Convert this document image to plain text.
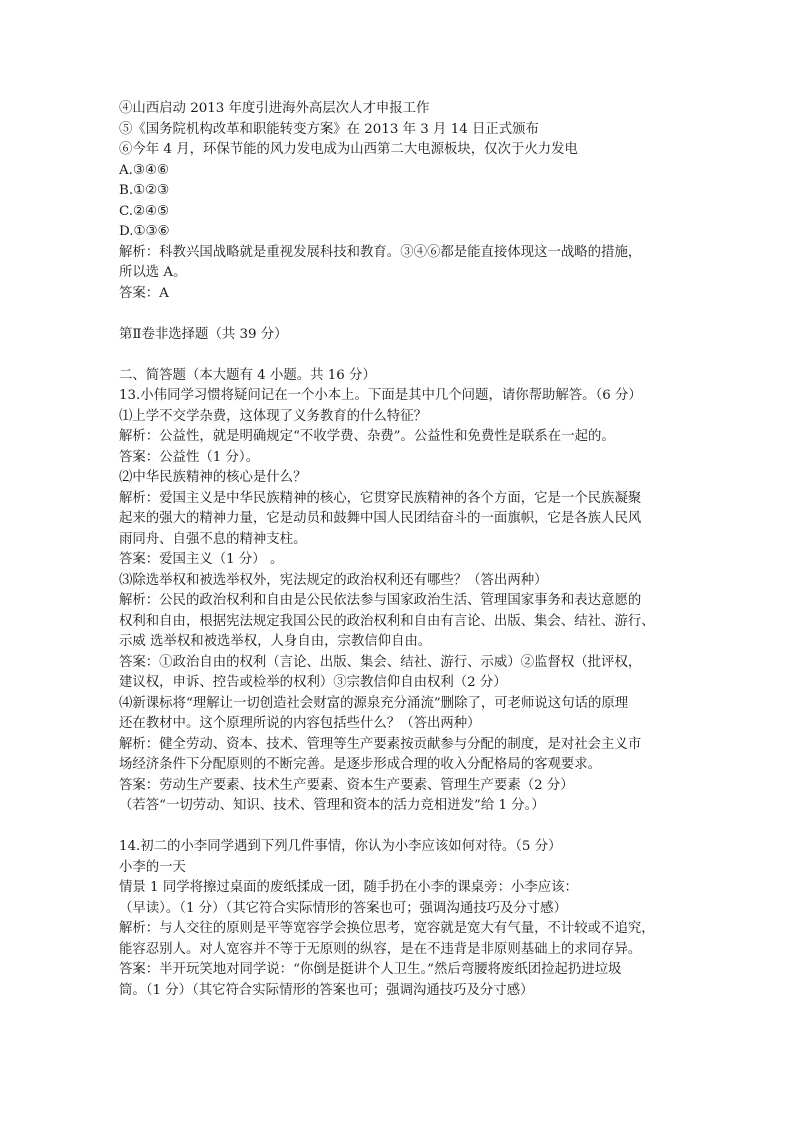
④山西启动 2013 年度引进海外高层次人才申报工作
⑤《国务院机构改革和职能转变方案》在 2013 年 3 月 14 日正式颁布
⑥今年 4 月，环保节能的风力发电成为山西第二大电源板块，仅次于火力发电
A.③④⑥
B.①②③
C.②④⑤
D.①③⑥
解析：科教兴国战略就是重视发展科技和教育。③④⑥都是能直接体现这一战略的措施，
所以选 A。
答案：A
第Ⅱ卷非选择题（共 39 分）
二、简答题（本大题有 4 小题。共 16 分）
13.小伟同学习惯将疑问记在一个小本上。下面是其中几个问题，请你帮助解答。（6 分）
⑴上学不交学杂费，这体现了义务教育的什么特征？
解析：公益性，就是明确规定“不收学费、杂费”。公益性和免费性是联系在一起的。
答案：公益性（1 分）。
⑵中华民族精神的核心是什么？
解析：爱国主义是中华民族精神的核心，它贯穿民族精神的各个方面，它是一个民族凝聚
起来的强大的精神力量，它是动员和鼓舞中国人民团结奋斗的一面旗帜，它是各族人民风
雨同舟、自强不息的精神支柱。
答案：爱国主义（1 分） 。
⑶除选举权和被选举权外，宪法规定的政治权利还有哪些？（答出两种）
解析：公民的政治权利和自由是公民依法参与国家政治生活、管理国家事务和表达意愿的
权利和自由，根据宪法规定我国公民的政治权利和自由有言论、出版、集会、结社、游行、
示威 选举权和被选举权，人身自由，宗教信仰自由。
答案：①政治自由的权利（言论、出版、集会、结社、游行、示威）②监督权（批评权，
建议权，申诉、控告或检举的权利）③宗教信仰自由权利（2 分）
⑷新课标将“理解让一切创造社会财富的源泉充分涌流”删除了，可老师说这句话的原理
还在教材中。这个原理所说的内容包括些什么？（答出两种）
解析：健全劳动、资本、技术、管理等生产要素按贡献参与分配的制度，是对社会主义市
场经济条件下分配原则的不断完善。是逐步形成合理的收入分配格局的客观要求。
答案：劳动生产要素、技术生产要素、资本生产要素、管理生产要素（2 分）
（若答“一切劳动、知识、技术、管理和资本的活力竞相迸发”给 1 分。）
14.初二的小李同学遇到下列几件事情，你认为小李应该如何对待。（5 分）
小李的一天
情景 1 同学将擦过桌面的废纸揉成一团，随手扔在小李的课桌旁：小李应该：
（早读）。（1 分）（其它符合实际情形的答案也可；强调沟通技巧及分寸感）
解析：与人交往的原则是平等宽容学会换位思考，宽容就是宽大有气量，不计较或不追究，
能容忍别人。对人宽容并不等于无原则的纵容，是在不违背是非原则基础上的求同存异。
答案：半开玩笑地对同学说：“你倒是挺讲个人卫生。”然后弯腰将废纸团捡起扔进垃圾
筒。（1 分）（其它符合实际情形的答案也可；强调沟通技巧及分寸感）
